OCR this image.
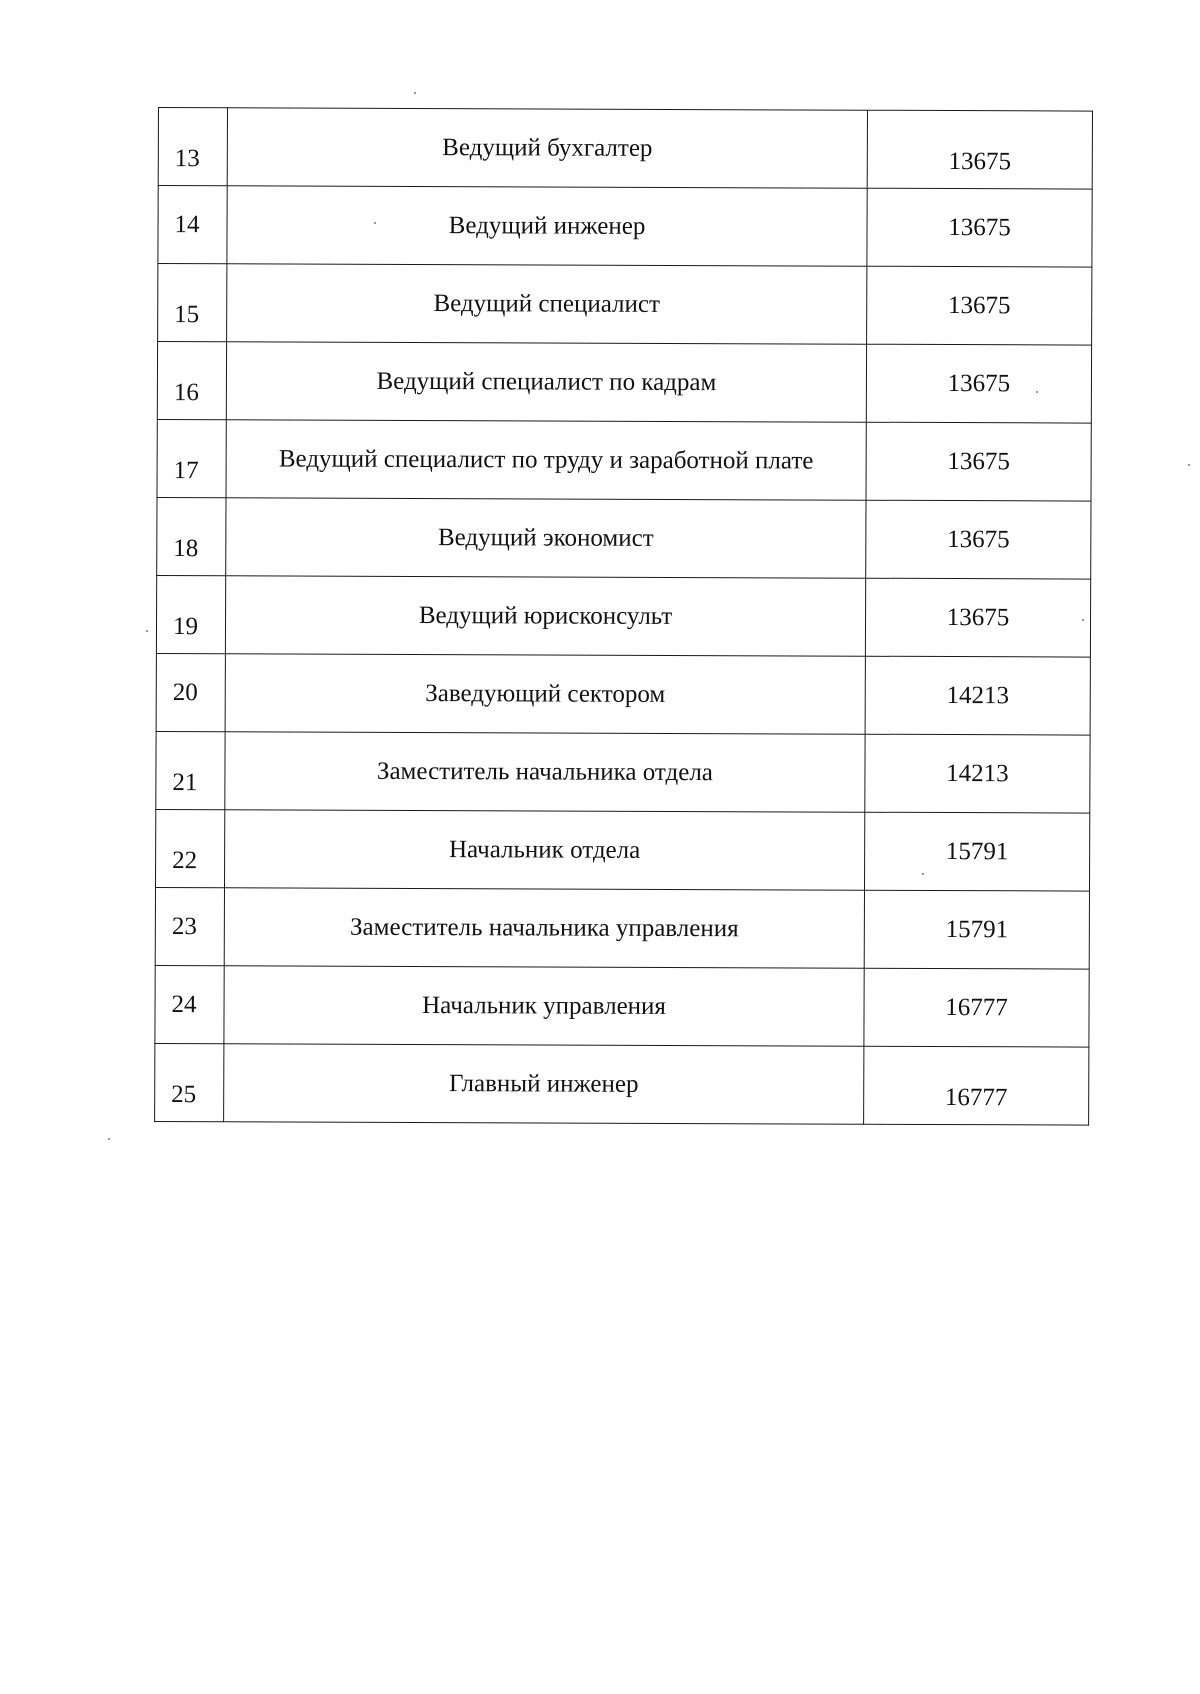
13	Ведущий бухгалтер	13675
14	Ведущий инженер	13675
15	Ведущий специалист	13675
16	Ведущий специалист по кадрам	13675
17	Ведущий специалист по труду и заработной плате	13675
18	Ведущий экономист	13675
19	Ведущий юрисконсульт	13675
20	Заведующий сектором	14213
21	Заместитель начальника отдела	14213
22	Начальник отдела	15791
23	Заместитель начальника управления	15791
24	Начальник управления	16777
25	Главный инженер	16777
